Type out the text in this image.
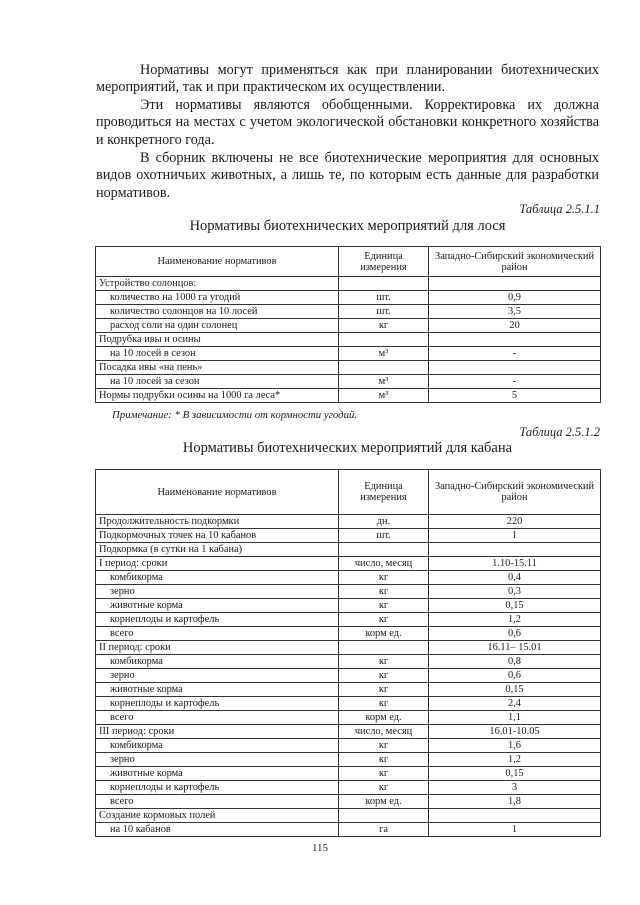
Нормативы могут применяться как при планировании биотехнических мероприятий, так и при практическом их осуществлении.

Эти нормативы являются обобщенными. Корректировка их должна проводиться на местах с учетом экологической обстановки конкретного хозяйства и конкретного года.

В сборник включены не все биотехнические мероприятия для основных видов охотничьих животных, а лишь те, по которым есть данные для разработки нормативов.

Таблица 2.5.1.1

Нормативы биотехнических мероприятий для лося

Наименование нормативов	Единица измерения	Западно-Сибирский экономический район
Устройство солонцов:		
количество на 1000 га угодий	шт.	0,9
количество солонцов на 10 лосей	шт.	3,5
расход соли на один солонец	кг	20
Подрубка ивы и осины		
на 10 лосей в сезон	м³	-
Посадка ивы «на пень»		
на 10 лосей за сезон	м³	-
Нормы подрубки осины на 1000 га леса*	м³	5

Примечание: * В зависимости от кормности угодий.

Таблица 2.5.1.2

Нормативы биотехнических мероприятий для кабана

Наименование нормативов	Единица измерения	Западно-Сибирский экономический район
Продолжительность подкормки	дн.	220
Подкормочных точек на 10 кабанов	шт.	1
Подкормка (в сутки на 1 кабана)		
I период: сроки	число, месяц	1.10-15.11
комбикорма	кг	0,4
зерно	кг	0,3
животные корма	кг	0,15
корнеплоды и картофель	кг	1,2
всего	корм ед.	0,6
II период: сроки		16.11– 15.01
комбикорма	кг	0,8
зерно	кг	0,6
животные корма	кг	0,15
корнеплоды и картофель	кг	2,4
всего	корм ед.	1,1
III период: сроки	число, месяц	16.01-10.05
комбикорма	кг	1,6
зерно	кг	1,2
животные корма	кг	0,15
корнеплоды и картофель	кг	3
всего	корм ед.	1,8
Создание кормовых полей		
на 10 кабанов	га	1

115
